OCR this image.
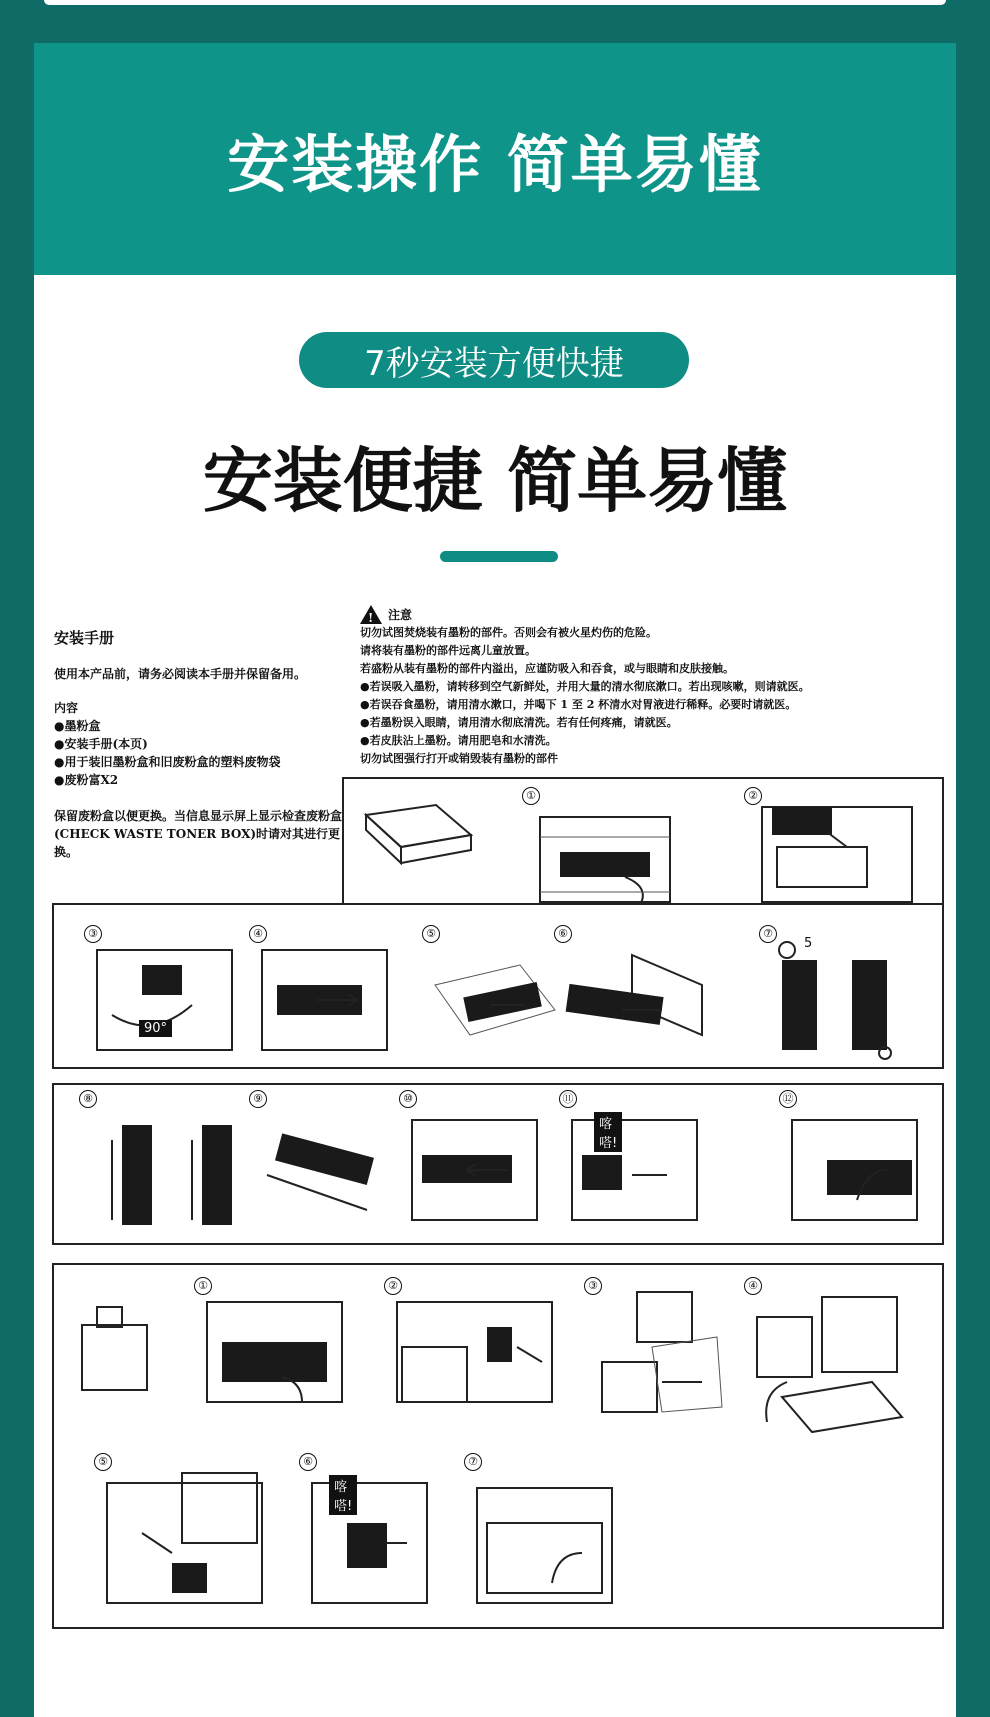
安装操作 简单易懂
7秒安装方便快捷
安装便捷 简单易懂
安装手册

使用本产品前，请务必阅读本手册并保留备用。

内容
●墨粉盒
●安装手册(本页)
●用于装旧墨粉盒和旧废粉盒的塑料废物袋
●废粉富X2

保留废粉盒以便更换。当信息显示屏上显示检查废粉盒(CHECK WASTE TONER BOX)时请对其进行更换。

!
注意
切勿试图焚烧装有墨粉的部件。否则会有被火星灼伤的危险。
请将装有墨粉的部件远离儿童放置。
若盛粉从装有墨粉的部件内溢出，应谨防吸入和吞食，或与眼睛和皮肤接触。
●若误吸入墨粉，请转移到空气新鲜处，并用大量的清水彻底漱口。若出现咳嗽，则请就医。
●若误吞食墨粉，请用清水漱口，并喝下 1 至 2 杯清水对胃液进行稀释。必要时请就医。
●若墨粉误入眼睛，请用清水彻底清洗。若有任何疼痛，请就医。
●若皮肤沾上墨粉。请用肥皂和水清洗。
切勿试图强行打开或销毁装有墨粉的部件
①	②
③
90°
④	⑤	⑥	⑦
5
⑧	⑨	⑩	⑪
喀嗒!
⑫
①	②	③	④
⑤	⑥
喀嗒!
⑦
